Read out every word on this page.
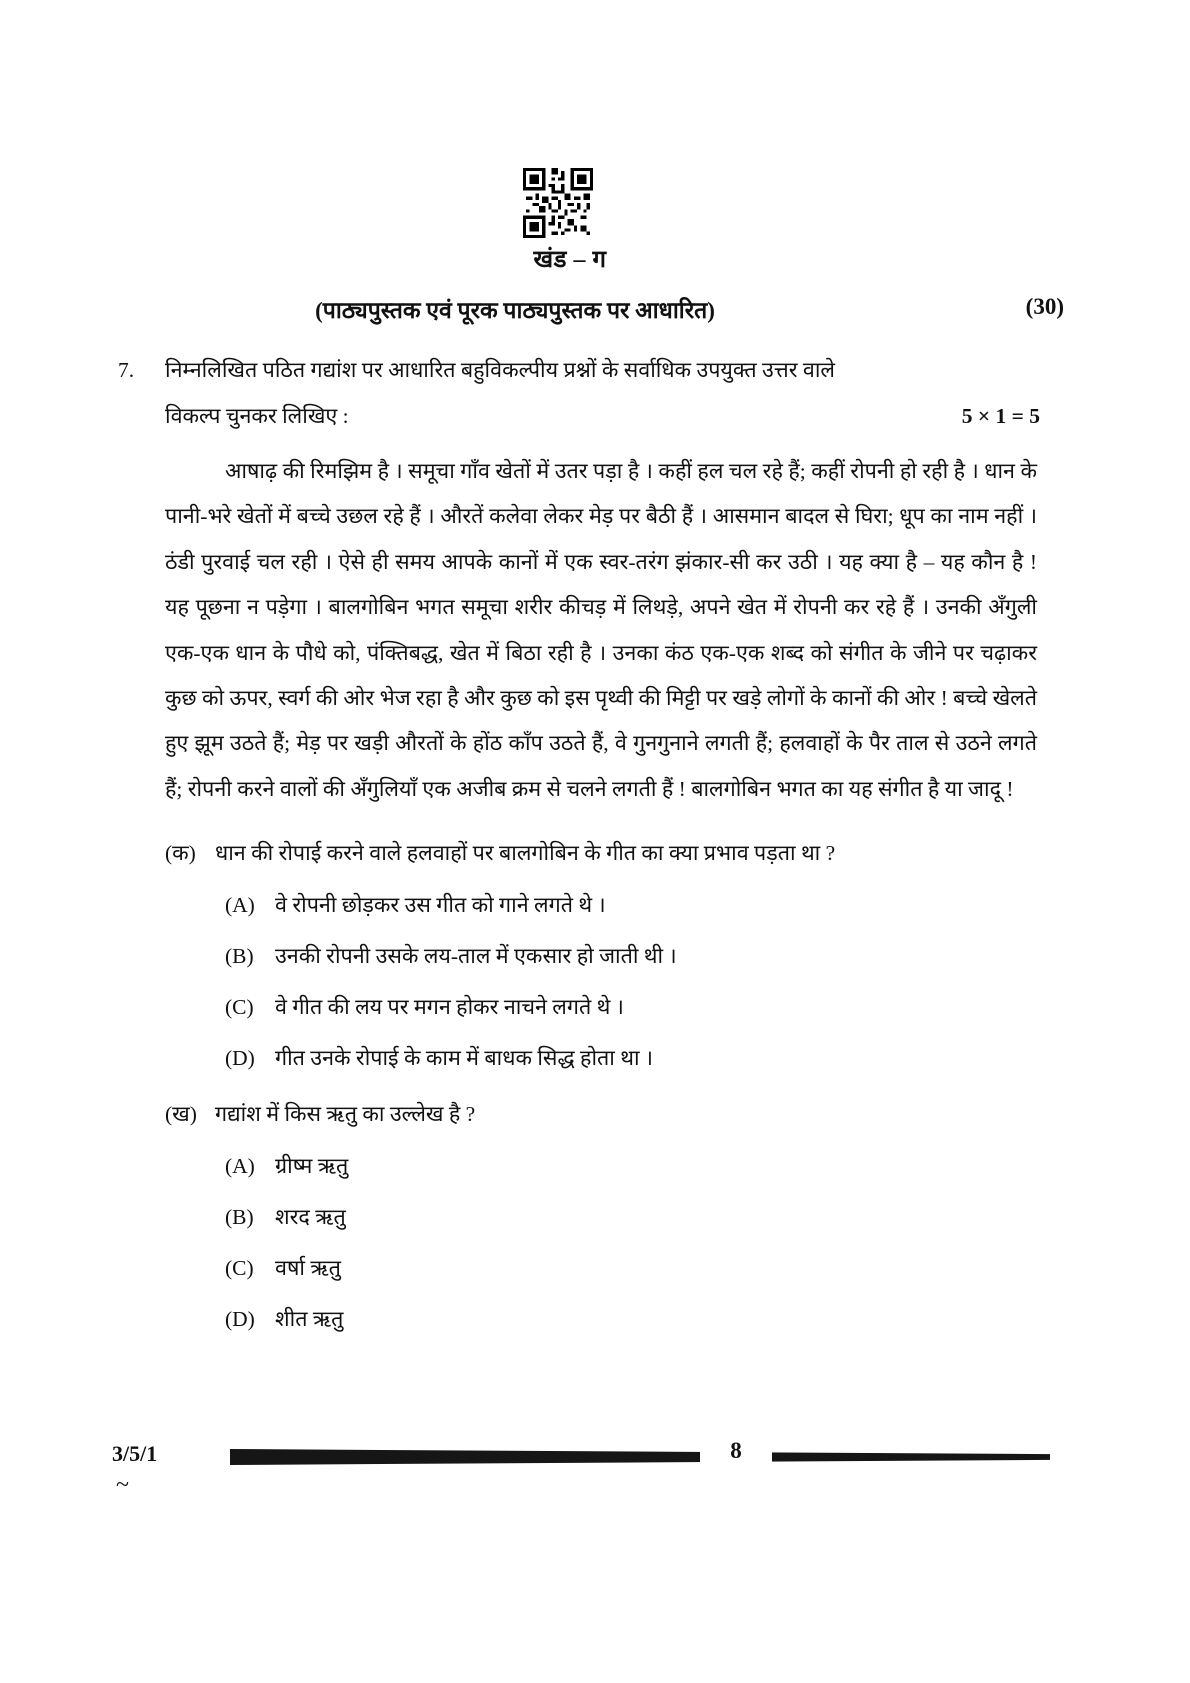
खंड – ग
(पाठ्यपुस्तक एवं पूरक पाठ्यपुस्तक पर आधारित)	(30)
7.	निम्नलिखित पठित गद्यांश पर आधारित बहुविकल्पीय प्रश्नों के सर्वाधिक उपयुक्त उत्तर वाले
विकल्प चुनकर लिखिए :	5 × 1 = 5

आषाढ़ की रिमझिम है । समूचा गाँव खेतों में उतर पड़ा है । कहीं हल चल रहे हैं; कहीं रोपनी हो रही है । धान के पानी-भरे खेतों में बच्चे उछल रहे हैं । औरतें कलेवा लेकर मेड़ पर बैठी हैं । आसमान बादल से घिरा; धूप का नाम नहीं । ठंडी पुरवाई चल रही । ऐसे ही समय आपके कानों में एक स्वर-तरंग झंकार-सी कर उठी । यह क्या है – यह कौन है ! यह पूछना न पड़ेगा । बालगोबिन भगत समूचा शरीर कीचड़ में लिथड़े, अपने खेत में रोपनी कर रहे हैं । उनकी अँगुली एक-एक धान के पौधे को, पंक्तिबद्ध, खेत में बिठा रही है । उनका कंठ एक-एक शब्द को संगीत के जीने पर चढ़ाकर कुछ को ऊपर, स्वर्ग की ओर भेज रहा है और कुछ को इस पृथ्वी की मिट्टी पर खड़े लोगों के कानों की ओर ! बच्चे खेलते हुए झूम उठते हैं; मेड़ पर खड़ी औरतों के होंठ काँप उठते हैं, वे गुनगुनाने लगती हैं; हलवाहों के पैर ताल से उठने लगते हैं; रोपनी करने वालों की अँगुलियाँ एक अजीब क्रम से चलने लगती हैं ! बालगोबिन भगत का यह संगीत है या जादू !

(क) धान की रोपाई करने वाले हलवाहों पर बालगोबिन के गीत का क्या प्रभाव पड़ता था ?
(A) वे रोपनी छोड़कर उस गीत को गाने लगते थे ।
(B) उनकी रोपनी उसके लय-ताल में एकसार हो जाती थी ।
(C) वे गीत की लय पर मगन होकर नाचने लगते थे ।
(D) गीत उनके रोपाई के काम में बाधक सिद्ध होता था ।
(ख) गद्यांश में किस ऋतु का उल्लेख है ?
(A) ग्रीष्म ऋतु
(B) शरद ऋतु
(C) वर्षा ऋतु
(D) शीत ऋतु
3/5/1	8
~
